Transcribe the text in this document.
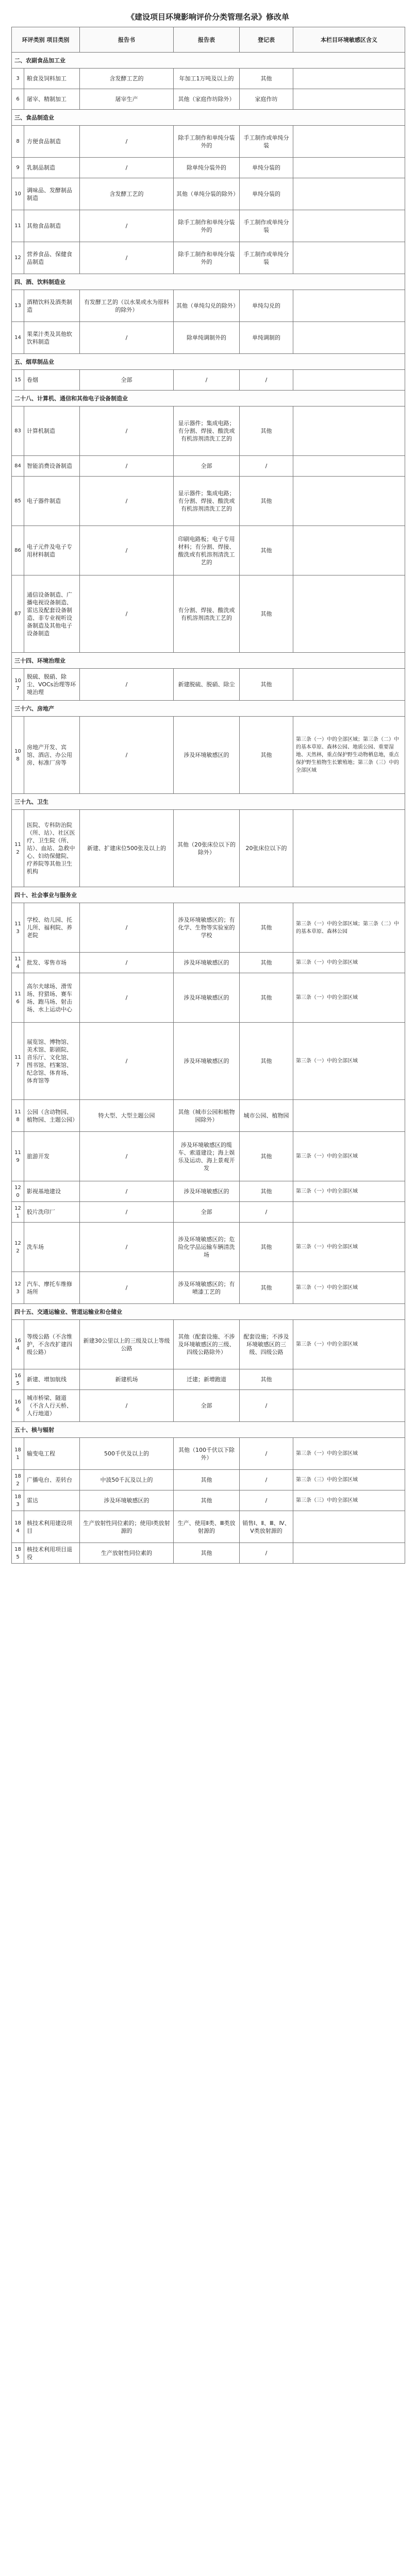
《建设项目环境影响评价分类管理名录》修改单
环评类别 项目类别		报告书	报告表	登记表	本栏目环境敏感区含义
二、农副食品加工业					
3	粮食及饲料加工	含发酵工艺的	年加工1万吨及以上的	其他	
6	屠宰、精制加工	屠宰生产	其他（家庭作坊除外）	家庭作坊	
三、食品制造业					
8	方便食品制造	/	除手工制作和单纯分装外的	手工制作或单纯分装	
9	乳制品制造	/	除单纯分装外的	单纯分装的	
10	调味品、发酵制品制造	含发酵工艺的	其他（单纯分装的除外）	单纯分装的	
11	其他食品制造	/	除手工制作和单纯分装外的	手工制作或单纯分装	
12	营养食品、保健食品制造	/	除手工制作和单纯分装外的	手工制作或单纯分装	
四、酒、饮料制造业					
13	酒精饮料及酒类制造	有发酵工艺的（以水果或水为原料的除外）	其他（单纯勾兑的除外）	单纯勾兑的	
14	果菜汁类及其他软饮料制造	/	除单纯调制外的	单纯调制的	
五、烟草制品业					
15	卷烟	全部	/	/	
二十八、计算机、通信和其他电子设备制造业					
83	计算机制造	/	显示器件；集成电路；有分割、焊接、酸洗或有机溶剂清洗工艺的	其他	
84	智能消费设备制造	/	全部	/	
85	电子器件制造	/	显示器件；集成电路；有分割、焊接、酸洗或有机溶剂清洗工艺的	其他	
86	电子元件及电子专用材料制造	/	印刷电路板；电子专用材料；有分割、焊接、酸洗或有机溶剂清洗工艺的	其他	
87	通信设备制造、广播电视设备制造、雷达及配套设备制造、非专业视听设备制造及其他电子设备制造	/	有分割、焊接、酸洗或有机溶剂清洗工艺的	其他	
三十四、环境治理业					
107	脱硫、脱硝、除尘、VOCs治理等环境治理	/	新建脱硫、脱硝、除尘	其他	
三十六、房地产					
108	房地产开发、宾馆、酒店、办公用房、标准厂房等	/	涉及环境敏感区的	其他	第三条（一）中的全部区域；第三条（二）中的基本草原、森林公园、地质公园、重要湿地、天然林，重点保护野生动物栖息地，重点保护野生植物生长繁殖地；第三条（三）中的全部区域
三十九、卫生					
112	医院、专科防治院（所、站）、社区医疗、卫生院（所、站）、血站、急救中心、妇幼保健院、疗养院等其他卫生机构	新建、扩建床位500张及以上的	其他（20张床位以下的除外）	20张床位以下的	
四十、社会事业与服务业					
113	学校、幼儿园、托儿所、福利院、养老院	/	涉及环境敏感区的；有化学、生物等实验室的学校	其他	第三条（一）中的全部区域；第三条（二）中的基本草原、森林公园
114	批发、零售市场	/	涉及环境敏感区的	其他	第三条（一）中的全部区域
116	高尔夫球场、滑雪场、狩猎场、赛车场、跑马场、射击场、水上运动中心	/	涉及环境敏感区的	其他	第三条（一）中的全部区域
117	展览馆、博物馆、美术馆、影剧院、音乐厅、文化馆、图书馆、档案馆、纪念馆、体育场、体育馆等	/	涉及环境敏感区的	其他	第三条（一）中的全部区域
118	公园（含动物园、植物园、主题公园）	特大型、大型主题公园	其他（城市公园和植物园除外）	城市公园、植物园	
119	旅游开发	/	涉及环境敏感区的缆车、索道建设；海上娱乐及运动、海上景观开发	其他	第三条（一）中的全部区域
120	影视基地建设	/	涉及环境敏感区的	其他	第三条（一）中的全部区域
121	胶片洗印厂	/	全部	/	
122	洗车场	/	涉及环境敏感区的；危险化学品运输车辆清洗场	其他	第三条（一）中的全部区域
123	汽车、摩托车维修场所	/	涉及环境敏感区的；有喷漆工艺的	其他	第三条（一）中的全部区域
四十五、交通运输业、管道运输业和仓储业					
164	等级公路（不含维护，不含改扩建四级公路）	新建30公里以上的三级及以上等级公路	其他（配套设施、不涉及环境敏感区的三级、四级公路除外）	配套设施；不涉及环境敏感区的三级、四级公路	第三条（一）中的全部区域
165	新建、增加航线	新建机场	迁建；新增跑道	其他	
166	城市桥梁、隧道（不含人行天桥、人行地道）	/	全部	/	
五十、核与辐射					
181	输变电工程	500千伏及以上的	其他（100千伏以下除外）	/	第三条（一）中的全部区域
182	广播电台、差转台	中波50千瓦及以上的	其他	/	第三条（三）中的全部区域
183	雷达	涉及环境敏感区的	其他	/	第三条（三）中的全部区域
184	核技术利用建设项目	生产放射性同位素的；使用Ⅰ类放射源的	生产、使用Ⅱ类、Ⅲ类放射源的	销售Ⅰ、Ⅱ、Ⅲ、Ⅳ、Ⅴ类放射源的	
185	核技术利用项目退役	生产放射性同位素的	其他	/	
